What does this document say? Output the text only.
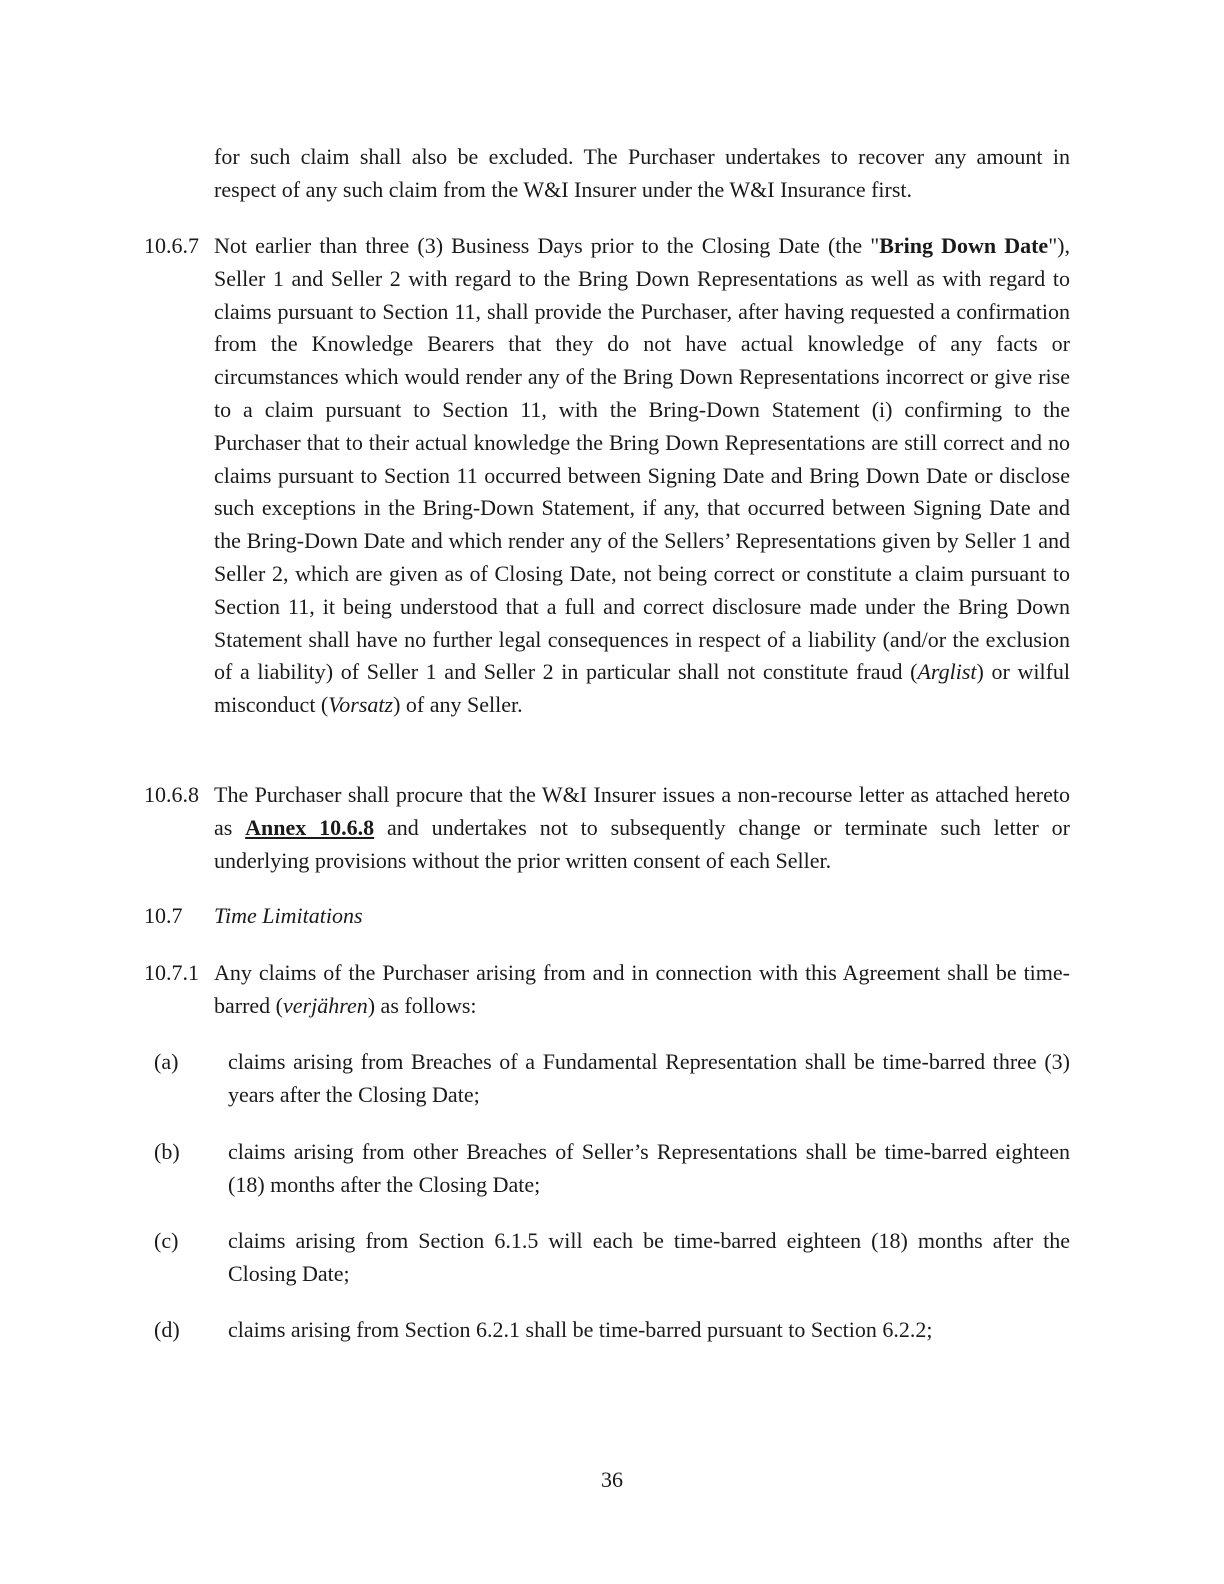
for such claim shall also be excluded. The Purchaser undertakes to recover any amount in respect of any such claim from the W&I Insurer under the W&I Insurance first.

10.6.7 Not earlier than three (3) Business Days prior to the Closing Date (the "Bring Down Date"), Seller 1 and Seller 2 with regard to the Bring Down Representations as well as with regard to claims pursuant to Section 11, shall provide the Purchaser, after having requested a confirmation from the Knowledge Bearers that they do not have actual knowledge of any facts or circumstances which would render any of the Bring Down Representations incorrect or give rise to a claim pursuant to Section 11, with the Bring-Down Statement (i) confirming to the Purchaser that to their actual knowledge the Bring Down Representations are still correct and no claims pursuant to Section 11 occurred between Signing Date and Bring Down Date or disclose such exceptions in the Bring-Down Statement, if any, that occurred between Signing Date and the Bring-Down Date and which render any of the Sellers’ Representations given by Seller 1 and Seller 2, which are given as of Closing Date, not being correct or constitute a claim pursuant to Section 11, it being understood that a full and correct disclosure made under the Bring Down Statement shall have no further legal consequences in respect of a liability (and/or the exclusion of a liability) of Seller 1 and Seller 2 in particular shall not constitute fraud (Arglist) or wilful misconduct (Vorsatz) of any Seller.

10.6.8 The Purchaser shall procure that the W&I Insurer issues a non-recourse letter as attached hereto as Annex 10.6.8 and undertakes not to subsequently change or terminate such letter or underlying provisions without the prior written consent of each Seller.

10.7	Time Limitations

10.7.1 Any claims of the Purchaser arising from and in connection with this Agreement shall be time-barred (verjähren) as follows:

(a)	claims arising from Breaches of a Fundamental Representation shall be time-barred three (3) years after the Closing Date;

(b)	claims arising from other Breaches of Seller’s Representations shall be time-barred eighteen (18) months after the Closing Date;

(c)	claims arising from Section 6.1.5 will each be time-barred eighteen (18) months after the Closing Date;

(d)	claims arising from Section 6.2.1 shall be time-barred pursuant to Section 6.2.2;

36
